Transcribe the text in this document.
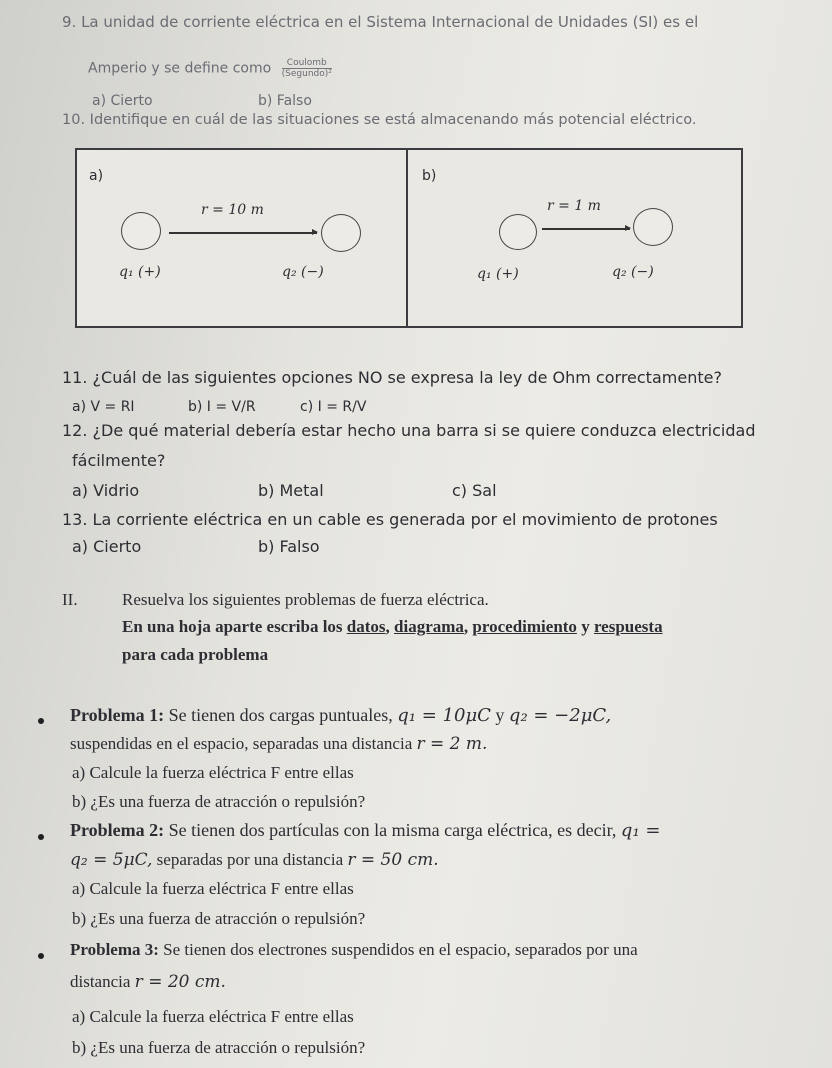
9. La unidad de corriente eléctrica en el Sistema Internacional de Unidades (SI) es el
Amperio y se define como $\frac{\text{Coulomb}}{\text{(Segundo)²}}$
a) Cierto	b) Falso
10. Identifique en cuál de las situaciones se está almacenando más potencial eléctrico.
a)
r = 10 m
q₁ (+)	q₂ (−)
b)
r = 1 m
q₁ (+)	q₂ (−)
11. ¿Cuál de las siguientes opciones NO se expresa la ley de Ohm correctamente?
a) V = RI	b) I = V/R	c) I = R/V
12. ¿De qué material debería estar hecho una barra si se quiere conduzca electricidad
fácilmente?
a) Vidrio	b) Metal	c) Sal
13. La corriente eléctrica en un cable es generada por el movimiento de protones
a) Cierto	b) Falso
II.	Resuelva los siguientes problemas de fuerza eléctrica.
En una hoja aparte escriba los datos, diagrama, procedimiento y respuesta
para cada problema
Problema 1: Se tienen dos cargas puntuales, q₁ = 10μC y q₂ = −2μC,
suspendidas en el espacio, separadas una distancia r = 2 m.
a) Calcule la fuerza eléctrica F entre ellas
b) ¿Es una fuerza de atracción o repulsión?
Problema 2: Se tienen dos partículas con la misma carga eléctrica, es decir, q₁ =
q₂ = 5μC, separadas por una distancia r = 50 cm.
a) Calcule la fuerza eléctrica F entre ellas
b) ¿Es una fuerza de atracción o repulsión?
Problema 3: Se tienen dos electrones suspendidos en el espacio, separados por una
distancia r = 20 cm.
a) Calcule la fuerza eléctrica F entre ellas
b) ¿Es una fuerza de atracción o repulsión?
